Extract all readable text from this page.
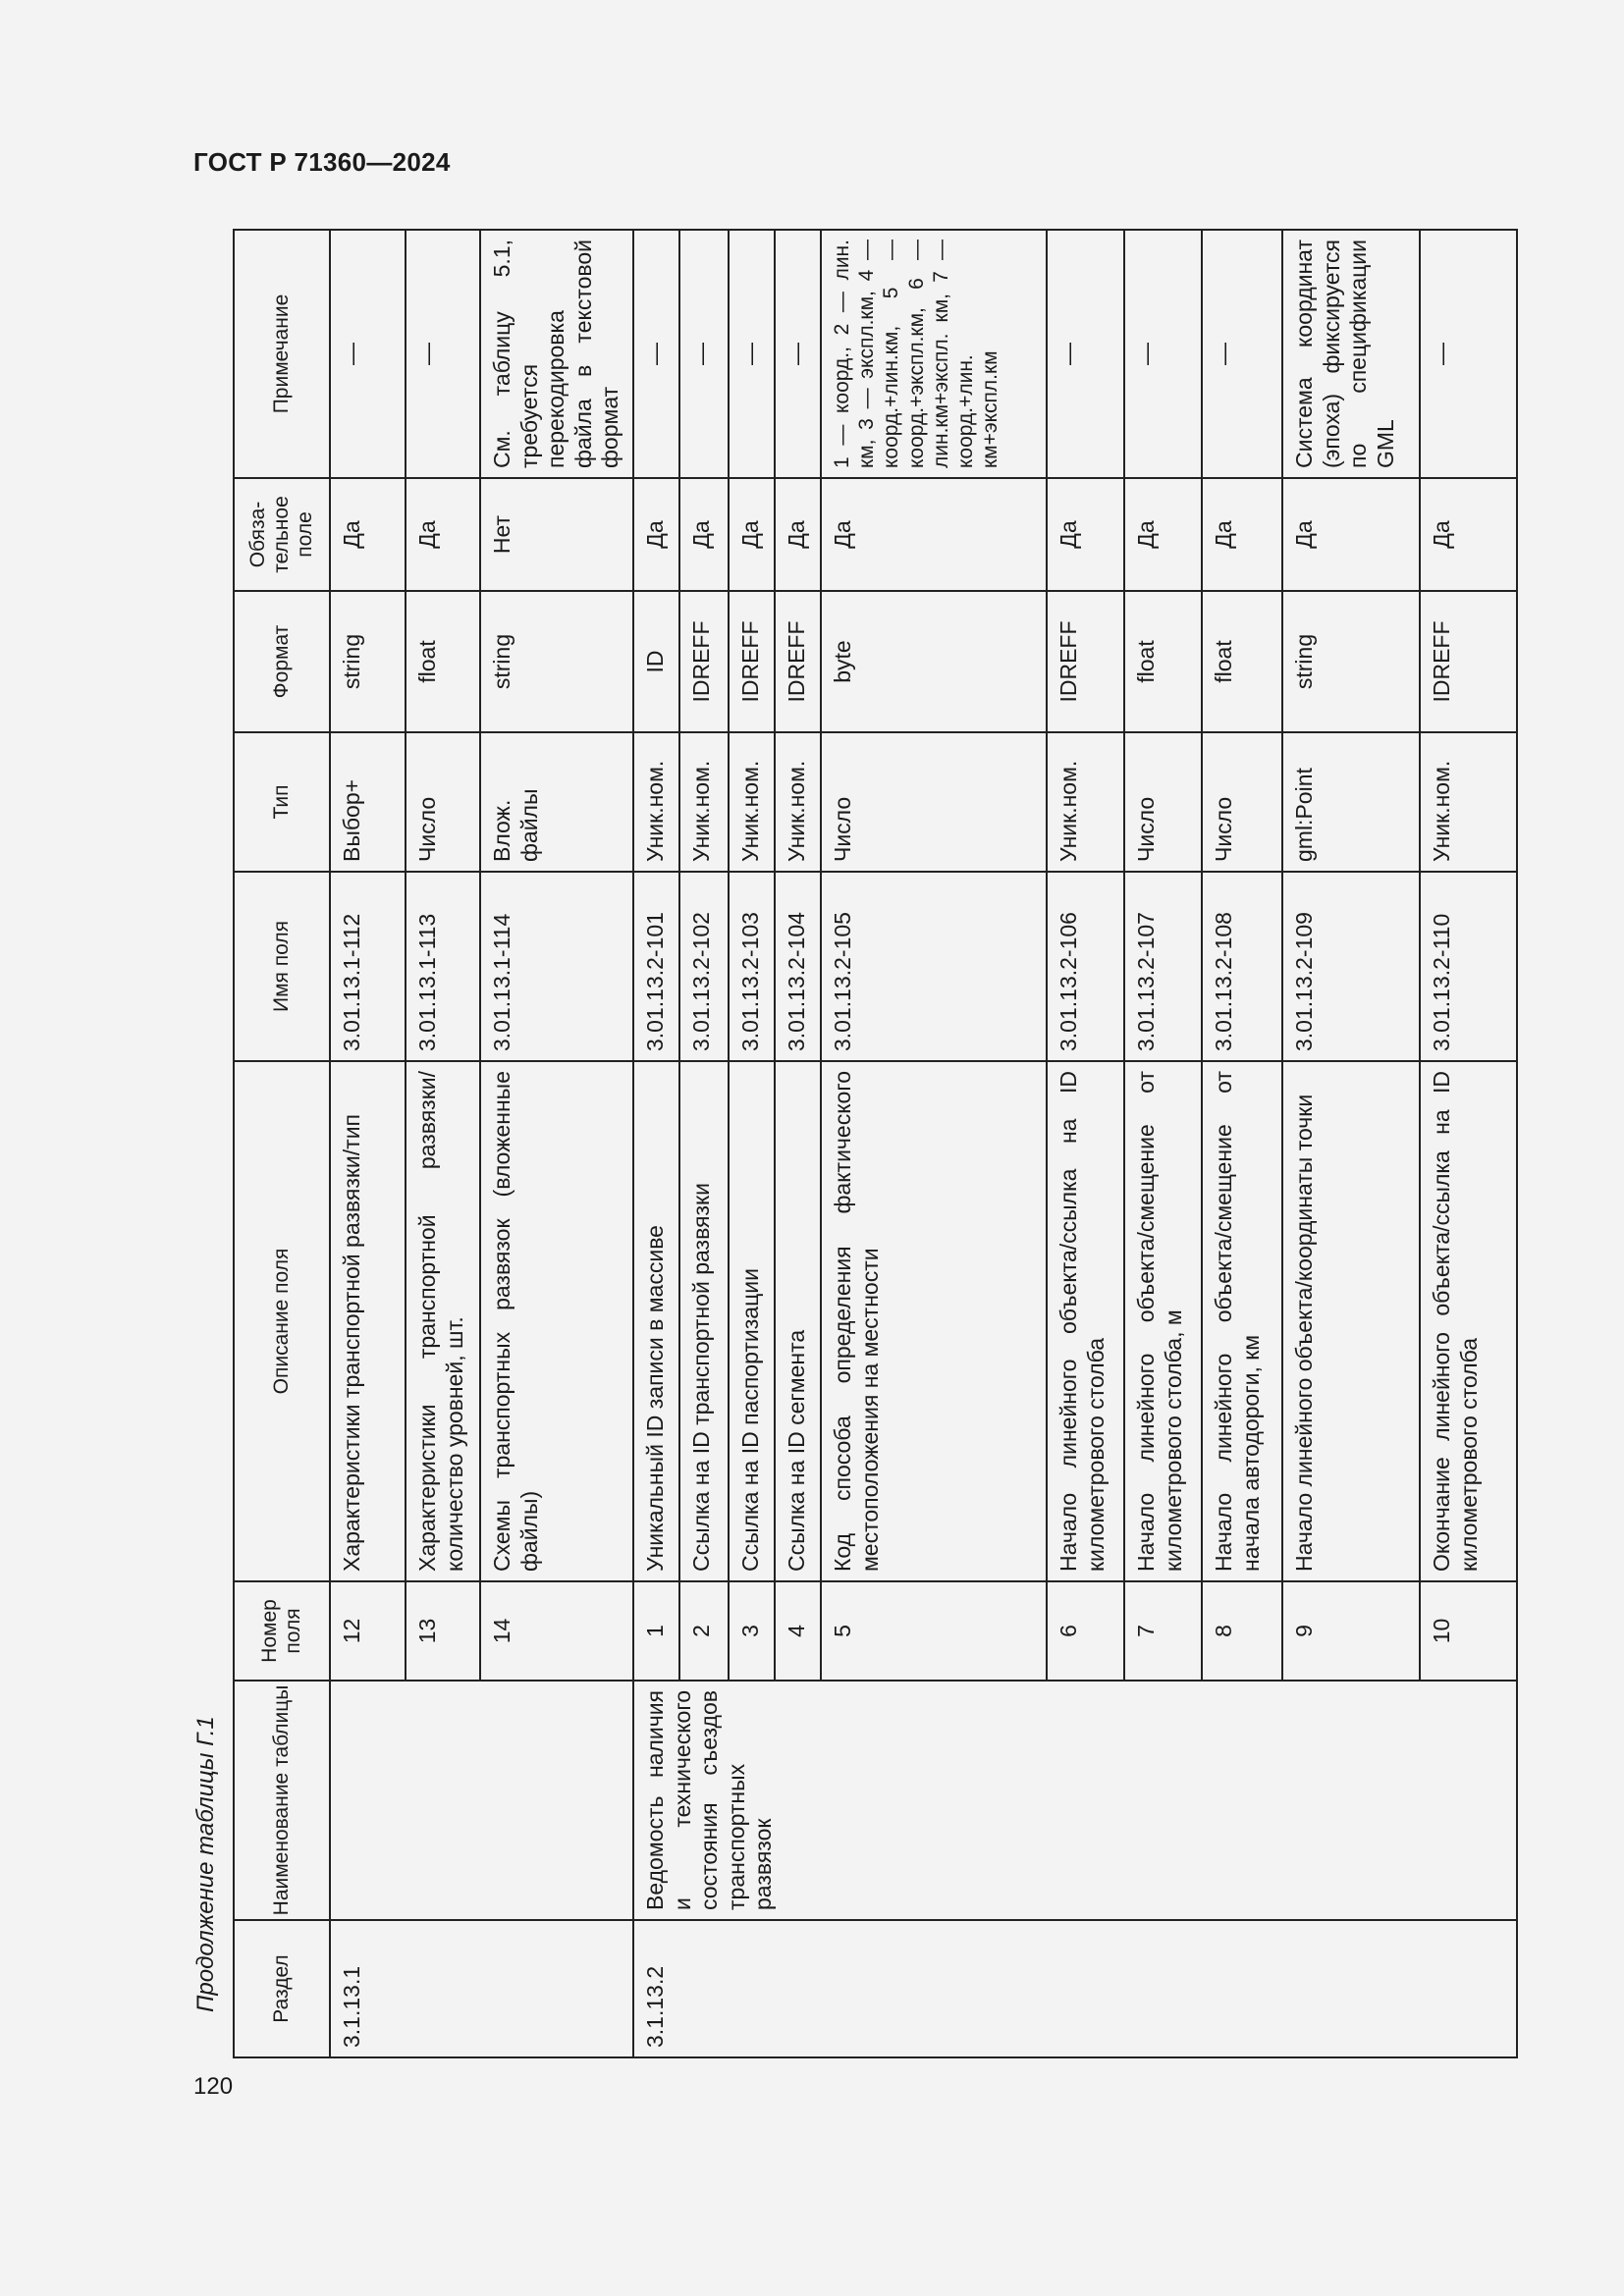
ГОСТ Р 71360—2024
Продолжение таблицы Г.1
120
Раздел	Наименование таблицы	Номер поля	Описание поля	Имя поля	Тип	Формат	Обяза-тельное поле	Примечание
3.1.13.1		12	Характеристики транспортной развязки/тип	3.01.13.1-112	Выбор+	string	Да	—
		13	Характеристики транспортной развязки/количество уровней, шт.	3.01.13.1-113	Число	float	Да	—
		14	Схемы транспортных развязок (вложенные файлы)	3.01.13.1-114	Влож. файлы	string	Нет	См. таблицу 5.1, требуется перекодировка файла в текстовой формат
3.1.13.2	Ведомость наличия и технического состояния съездов транспортных развязок	1	Уникальный ID записи в массиве	3.01.13.2-101	Уник.ном.	ID	Да	—
		2	Ссылка на ID транспортной развязки	3.01.13.2-102	Уник.ном.	IDREFF	Да	—
		3	Ссылка на ID паспортизации	3.01.13.2-103	Уник.ном.	IDREFF	Да	—
		4	Ссылка на ID сегмента	3.01.13.2-104	Уник.ном.	IDREFF	Да	—
		5	Код способа определения фактического местоположения на местности	3.01.13.2-105	Число	byte	Да	1 — коорд., 2 — лин. км, 3 — экспл.км, 4 — коорд.+лин.км, 5 — коорд.+экспл.км, 6 — лин.км+экспл. км, 7 — коорд.+лин. км+экспл.км
		6	Начало линейного объекта/ссылка на ID километрового столба	3.01.13.2-106	Уник.ном.	IDREFF	Да	—
		7	Начало линейного объекта/смещение от километрового столба, м	3.01.13.2-107	Число	float	Да	—
		8	Начало линейного объекта/смещение от начала автодороги, км	3.01.13.2-108	Число	float	Да	—
		9	Начало линейного объекта/координаты точки	3.01.13.2-109	gml:Point	string	Да	Система координат (эпоха) фиксируется по спецификации GML
		10	Окончание линейного объекта/ссылка на ID километрового столба	3.01.13.2-110	Уник.ном.	IDREFF	Да	—
